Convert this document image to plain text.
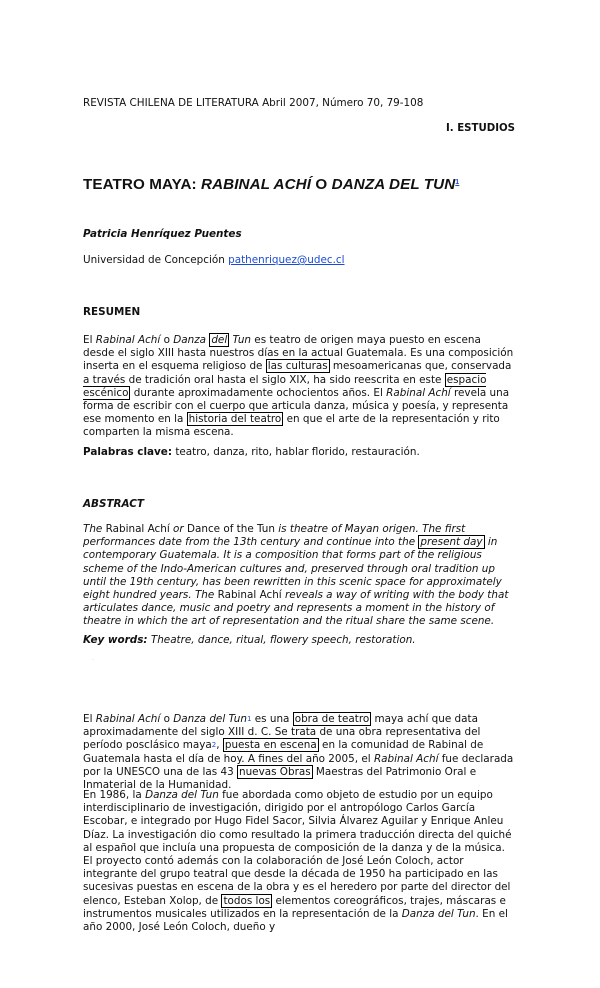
REVISTA CHILENA DE LITERATURA Abril 2007, Número 70, 79-108
I. ESTUDIOS
TEATRO MAYA: RABINAL ACHÍ O DANZA DEL TUN$^1$
Patricia Henríquez Puentes
Universidad de Concepción pathenriquez@udec.cl
RESUMEN
El Rabinal Achí o Danza del Tun es teatro de origen maya puesto en escena desde el siglo XIII hasta nuestros días en la actual Guatemala. Es una composición inserta en el esquema religioso de las culturas mesoamericanas que, conservada a través de tradición oral hasta el siglo XIX, ha sido reescrita en este espacio escénico durante aproximadamente ochocientos años. El Rabinal Achí revela una forma de escribir con el cuerpo que articula danza, música y poesía, y representa ese momento en la historia del teatro en que el arte de la representación y rito comparten la misma escena.
Palabras clave: teatro, danza, rito, hablar florido, restauración.
ABSTRACT
The Rabinal Achí or Dance of the Tun is theatre of Mayan origen. The first performances date from the 13th century and continue into the present day in contemporary Guatemala. It is a composition that forms part of the religious scheme of the Indo-American cultures and, preserved through oral tradition up until the 19th century, has been rewritten in this scenic space for approximately eight hundred years. The Rabinal Achí reveals a way of writing with the body that articulates dance, music and poetry and represents a moment in the history of theatre in which the art of representation and the ritual share the same scene.
Key words: Theatre, dance, ritual, flowery speech, restoration.
·
El Rabinal Achí o Danza del Tun$^1$ es una obra de teatro maya achí que data aproximadamente del siglo XIII d. C. Se trata de una obra representativa del período posclásico maya$^2$, puesta en escena en la comunidad de Rabinal de Guatemala hasta el día de hoy. A fines del año 2005, el Rabinal Achí fue declarada por la UNESCO una de las 43 nuevas Obras Maestras del Patrimonio Oral e Inmaterial de la Humanidad.
En 1986, la Danza del Tun fue abordada como objeto de estudio por un equipo interdisciplinario de investigación, dirigido por el antropólogo Carlos García Escobar, e integrado por Hugo Fidel Sacor, Silvia Álvarez Aguilar y Enrique Anleu Díaz. La investigación dio como resultado la primera traducción directa del quiché al español que incluía una propuesta de composición de la danza y de la música. El proyecto contó además con la colaboración de José León Coloch, actor integrante del grupo teatral que desde la década de 1950 ha participado en las sucesivas puestas en escena de la obra y es el heredero por parte del director del elenco, Esteban Xolop, de todos los elementos coreográficos, trajes, máscaras e instrumentos musicales utilizados en la representación de la Danza del Tun. En el año 2000, José León Coloch, dueño y
